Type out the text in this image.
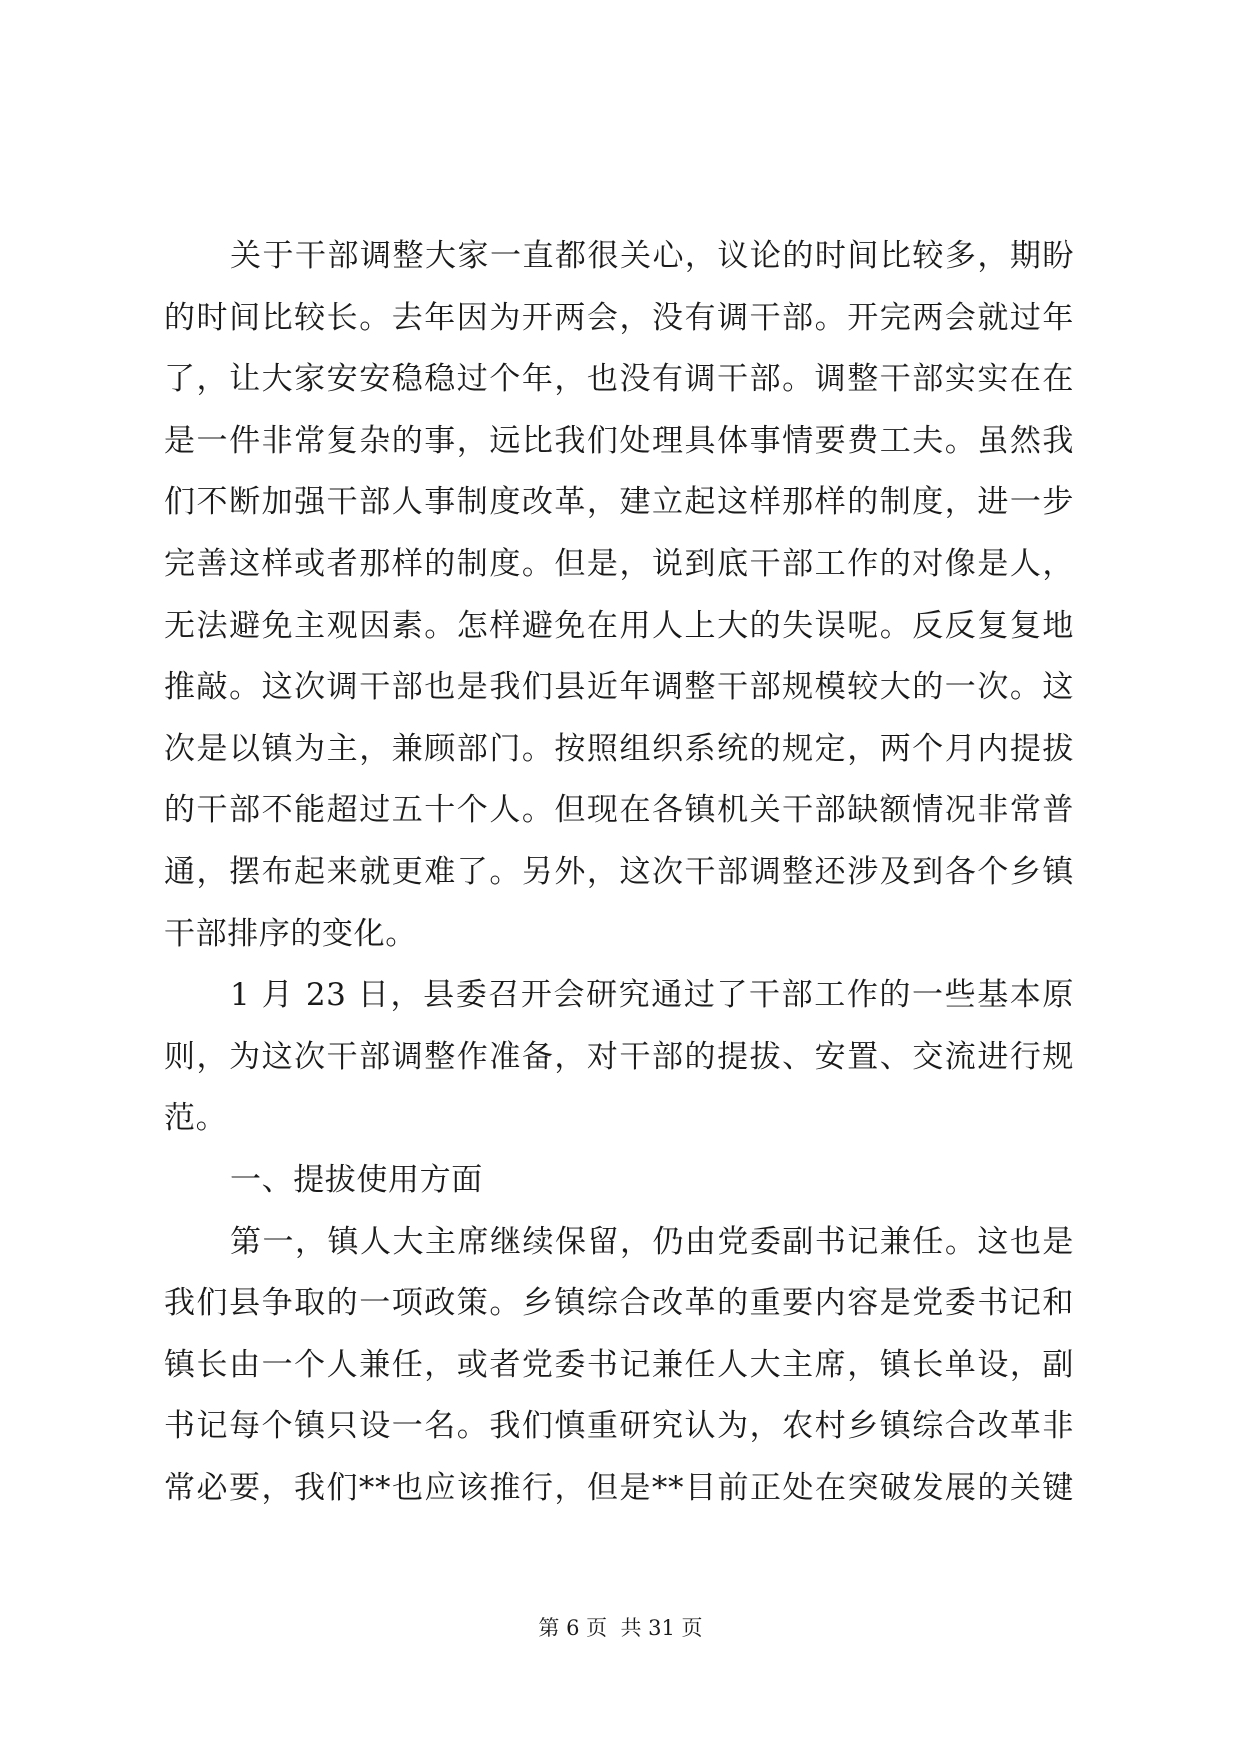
关于干部调整大家一直都很关心，议论的时间比较多，期盼
的时间比较长。去年因为开两会，没有调干部。开完两会就过年
了，让大家安安稳稳过个年，也没有调干部。调整干部实实在在
是一件非常复杂的事，远比我们处理具体事情要费工夫。虽然我
们不断加强干部人事制度改革，建立起这样那样的制度，进一步
完善这样或者那样的制度。但是，说到底干部工作的对像是人，
无法避免主观因素。怎样避免在用人上大的失误呢。反反复复地
推敲。这次调干部也是我们县近年调整干部规模较大的一次。这
次是以镇为主，兼顾部门。按照组织系统的规定，两个月内提拔
的干部不能超过五十个人。但现在各镇机关干部缺额情况非常普
通，摆布起来就更难了。另外，这次干部调整还涉及到各个乡镇
干部排序的变化。
1 月 23 日，县委召开会研究通过了干部工作的一些基本原
则，为这次干部调整作准备，对干部的提拔、安置、交流进行规
范。
一、提拔使用方面
第一，镇人大主席继续保留，仍由党委副书记兼任。这也是
我们县争取的一项政策。乡镇综合改革的重要内容是党委书记和
镇长由一个人兼任，或者党委书记兼任人大主席，镇长单设，副
书记每个镇只设一名。我们慎重研究认为，农村乡镇综合改革非
常必要，我们**也应该推行，但是**目前正处在突破发展的关键
第 6 页  共 31 页
